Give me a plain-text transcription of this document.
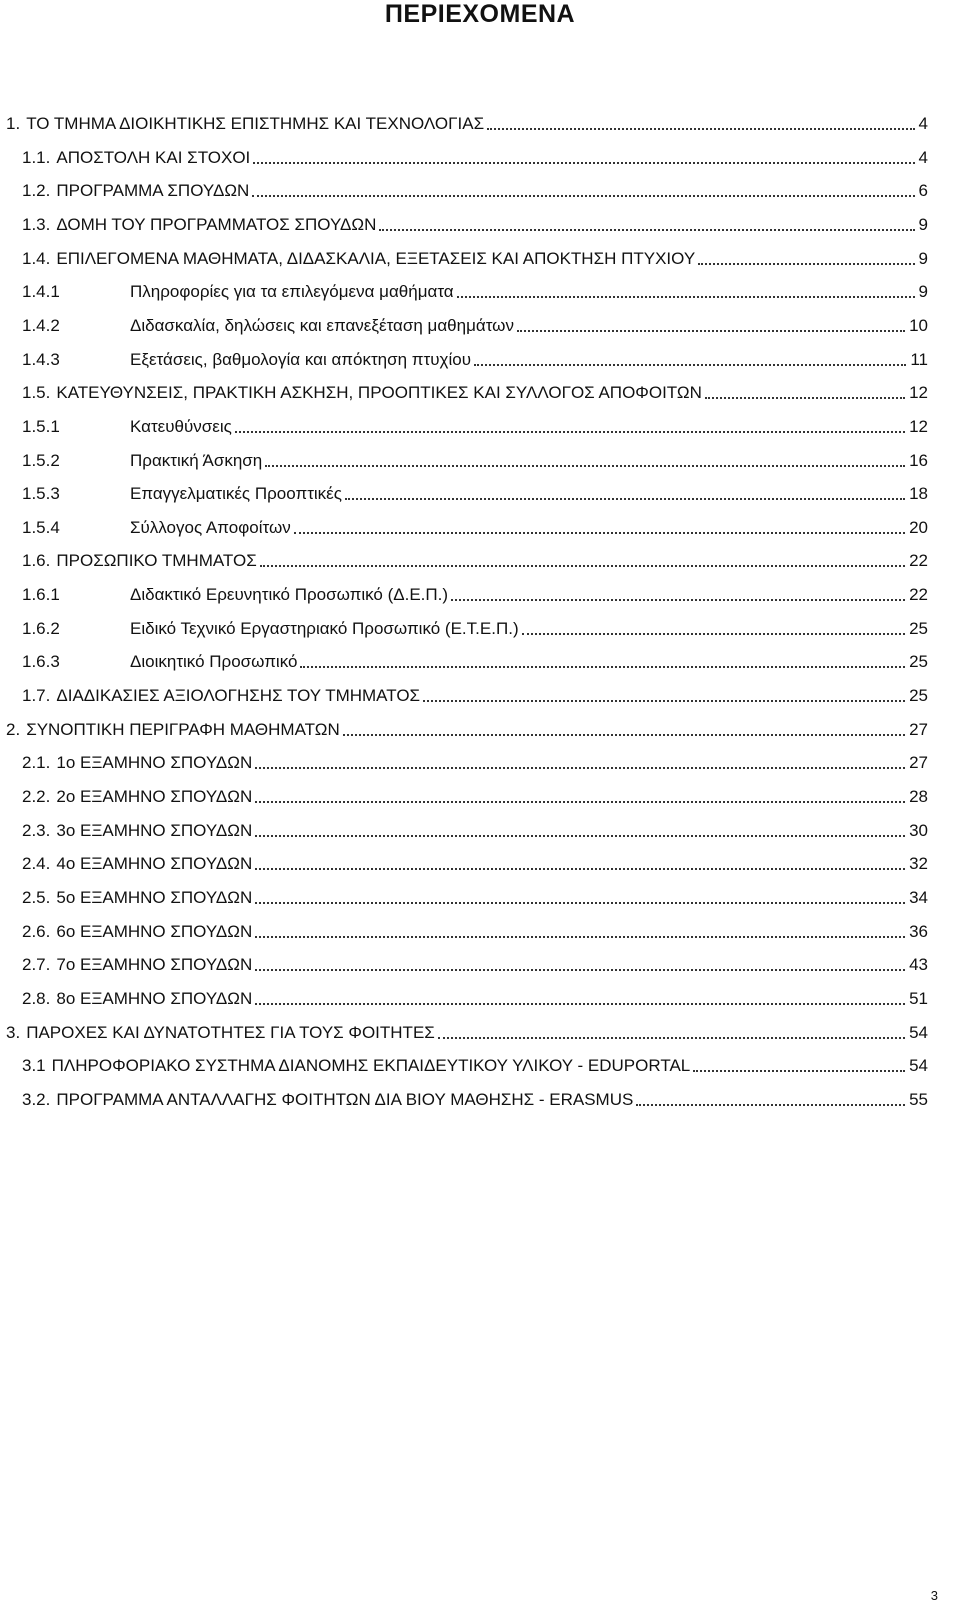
ΠΕΡΙΕΧΟΜΕΝΑ
1. ΤΟ ΤΜΗΜΑ ΔΙΟΙΚΗΤΙΚΗΣ ΕΠΙΣΤΗΜΗΣ ΚΑΙ ΤΕΧΝΟΛΟΓΙΑΣ	4
1.1. ΑΠΟΣΤΟΛΗ ΚΑΙ ΣΤΟΧΟΙ	4
1.2. ΠΡΟΓΡΑΜΜΑ ΣΠΟΥΔΩΝ	6
1.3. ΔΟΜΗ ΤΟΥ ΠΡΟΓΡΑΜΜΑΤΟΣ ΣΠΟΥΔΩΝ	9
1.4. ΕΠΙΛΕΓΟΜΕΝΑ ΜΑΘΗΜΑΤΑ, ΔΙΔΑΣΚΑΛΙΑ, ΕΞΕΤΑΣΕΙΣ ΚΑΙ ΑΠΟΚΤΗΣΗ ΠΤΥΧΙΟΥ	9
1.4.1	Πληροφορίες για τα επιλεγόμενα μαθήματα	9
1.4.2	Διδασκαλία, δηλώσεις και επανεξέταση μαθημάτων	10
1.4.3	Εξετάσεις, βαθμολογία και απόκτηση πτυχίου	11
1.5. ΚΑΤΕΥΘΥΝΣΕΙΣ, ΠΡΑΚΤΙΚΗ ΑΣΚΗΣΗ, ΠΡΟΟΠΤΙΚΕΣ ΚΑΙ ΣΥΛΛΟΓΟΣ ΑΠΟΦΟΙΤΩΝ	12
1.5.1	Κατευθύνσεις	12
1.5.2	Πρακτική Άσκηση	16
1.5.3	Επαγγελματικές Προοπτικές	18
1.5.4	Σύλλογος Αποφοίτων	20
1.6. ΠΡΟΣΩΠΙΚΟ ΤΜΗΜΑΤΟΣ	22
1.6.1	Διδακτικό Ερευνητικό Προσωπικό (Δ.Ε.Π.)	22
1.6.2	Ειδικό Τεχνικό Εργαστηριακό Προσωπικό (Ε.Τ.Ε.Π.)	25
1.6.3	Διοικητικό Προσωπικό	25
1.7. ΔΙΑΔΙΚΑΣΙΕΣ ΑΞΙΟΛΟΓΗΣΗΣ ΤΟΥ ΤΜΗΜΑΤΟΣ	25
2. ΣΥΝΟΠΤΙΚΗ ΠΕΡΙΓΡΑΦΗ ΜΑΘΗΜΑΤΩΝ	27
2.1. 1ο ΕΞΑΜΗΝΟ ΣΠΟΥΔΩΝ	27
2.2. 2ο ΕΞΑΜΗΝΟ ΣΠΟΥΔΩΝ	28
2.3. 3ο ΕΞΑΜΗΝΟ ΣΠΟΥΔΩΝ	30
2.4. 4ο ΕΞΑΜΗΝΟ ΣΠΟΥΔΩΝ	32
2.5. 5ο ΕΞΑΜΗΝΟ ΣΠΟΥΔΩΝ	34
2.6. 6ο ΕΞΑΜΗΝΟ ΣΠΟΥΔΩΝ	36
2.7. 7ο ΕΞΑΜΗΝΟ ΣΠΟΥΔΩΝ	43
2.8. 8ο ΕΞΑΜΗΝΟ ΣΠΟΥΔΩΝ	51
3. ΠΑΡΟΧΕΣ ΚΑΙ ΔΥΝΑΤΟΤΗΤΕΣ ΓΙΑ ΤΟΥΣ ΦΟΙΤΗΤΕΣ	54
3.1 ΠΛΗΡΟΦΟΡΙΑΚΟ ΣΥΣΤΗΜΑ ΔΙΑΝΟΜΗΣ ΕΚΠΑΙΔΕΥΤΙΚΟΥ ΥΛΙΚΟΥ - EDUPORTAL	54
3.2. ΠΡΟΓΡΑΜΜΑ ΑΝΤΑΛΛΑΓΗΣ ΦΟΙΤΗΤΩΝ ΔΙΑ ΒΙΟΥ ΜΑΘΗΣΗΣ - ERASMUS	55
3
